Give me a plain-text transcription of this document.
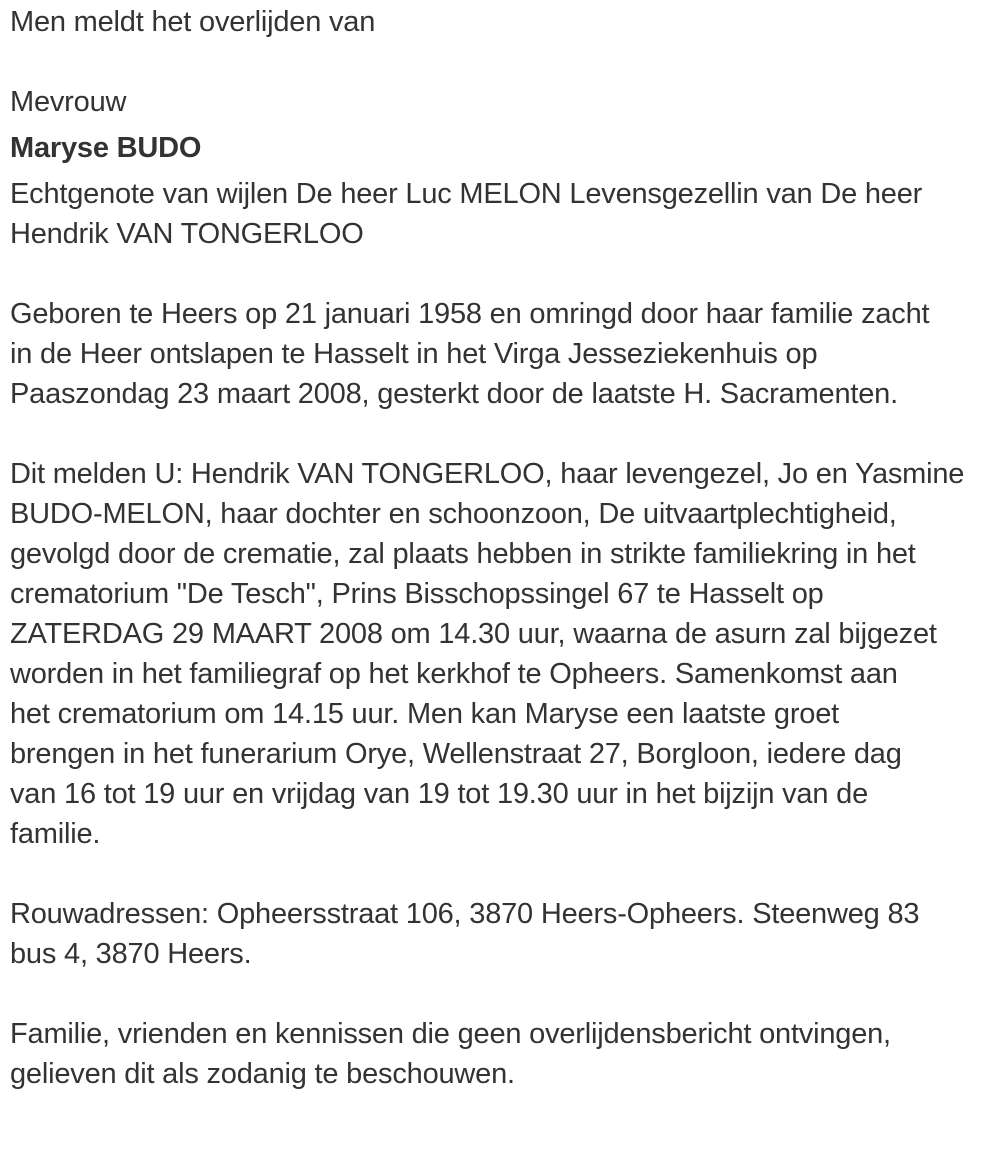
Men meldt het overlijden van

Mevrouw

Maryse BUDO

Echtgenote van wijlen De heer Luc MELON Levensgezellin van De heer
Hendrik VAN TONGERLOO

Geboren te Heers op 21 januari 1958 en omringd door haar familie zacht
in de Heer ontslapen te Hasselt in het Virga Jesseziekenhuis op
Paaszondag 23 maart 2008, gesterkt door de laatste H. Sacramenten.

Dit melden U: Hendrik VAN TONGERLOO, haar levengezel, Jo en Yasmine
BUDO-MELON, haar dochter en schoonzoon, De uitvaartplechtigheid,
gevolgd door de crematie, zal plaats hebben in strikte familiekring in het
crematorium "De Tesch", Prins Bisschopssingel 67 te Hasselt op
ZATERDAG 29 MAART 2008 om 14.30 uur, waarna de asurn zal bijgezet
worden in het familiegraf op het kerkhof te Opheers. Samenkomst aan
het crematorium om 14.15 uur. Men kan Maryse een laatste groet
brengen in het funerarium Orye, Wellenstraat 27, Borgloon, iedere dag
van 16 tot 19 uur en vrijdag van 19 tot 19.30 uur in het bijzijn van de
familie.

Rouwadressen: Opheersstraat 106, 3870 Heers-Opheers. Steenweg 83
bus 4, 3870 Heers.

Familie, vrienden en kennissen die geen overlijdensbericht ontvingen,
gelieven dit als zodanig te beschouwen.
